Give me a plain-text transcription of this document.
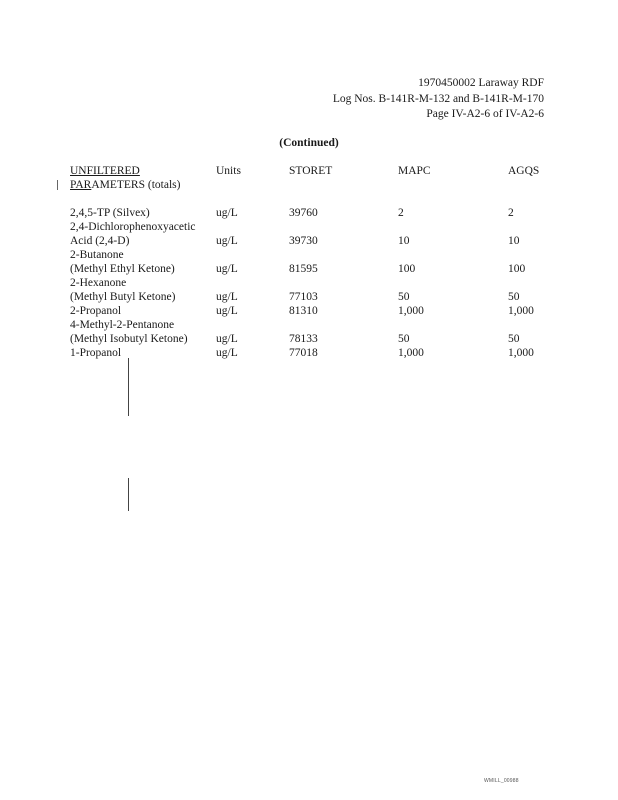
1970450002 Laraway RDF
Log Nos. B-141R-M-132 and B-141R-M-170
Page IV-A2-6 of IV-A2-6
(Continued)
UNFILTERED
PARAMETERS (totals)
Units	STORET	MAPC	AGQS
2,4,5-TP (Silvex)	ug/L	39760	2	2
2,4-Dichlorophenoxyacetic
Acid (2,4-D)	ug/L	39730	10	10
2-Butanone
(Methyl Ethyl Ketone)	ug/L	81595	100	100
2-Hexanone
(Methyl Butyl Ketone)	ug/L	77103	50	50
2-Propanol	ug/L	81310	1,000	1,000
4-Methyl-2-Pentanone
(Methyl Isobutyl Ketone) ug/L	78133	50	50
1-Propanol	ug/L	77018	1,000	1,000
WMILL_00988
